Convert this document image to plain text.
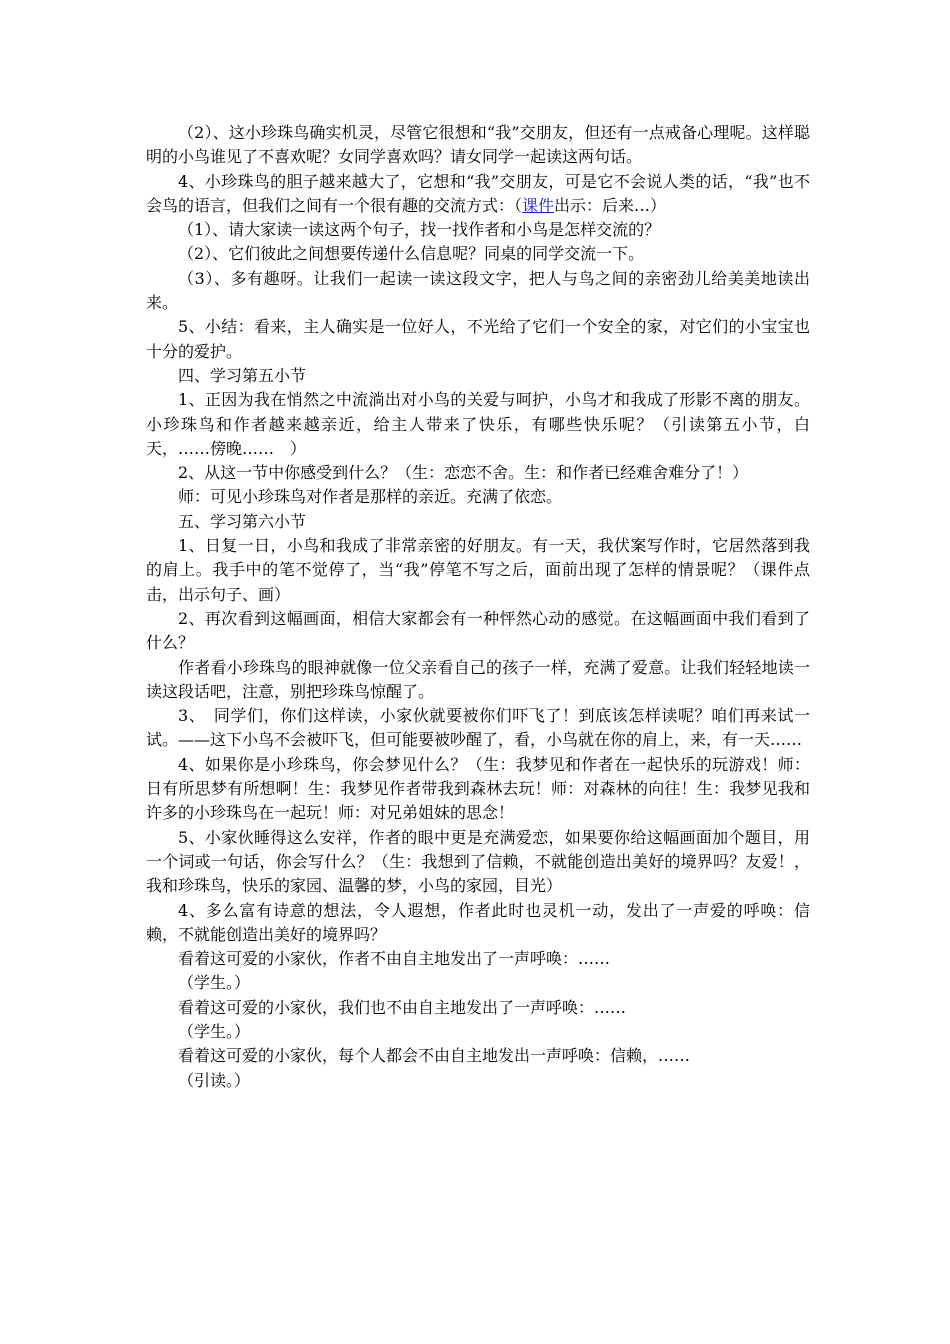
（2）、这小珍珠鸟确实机灵，尽管它很想和“我”交朋友，但还有一点戒备心理呢。这样聪明的小鸟谁见了不喜欢呢？女同学喜欢吗？请女同学一起读这两句话。

4、小珍珠鸟的胆子越来越大了，它想和“我”交朋友，可是它不会说人类的话，“我”也不会鸟的语言，但我们之间有一个很有趣的交流方式：（课件出示：后来…）

（1）、请大家读一读这两个句子，找一找作者和小鸟是怎样交流的？

（2）、它们彼此之间想要传递什么信息呢？同桌的同学交流一下。

（3）、多有趣呀。让我们一起读一读这段文字，把人与鸟之间的亲密劲儿给美美地读出来。

5、小结：看来，主人确实是一位好人，不光给了它们一个安全的家，对它们的小宝宝也十分的爱护。

四、学习第五小节

1、正因为我在悄然之中流淌出对小鸟的关爱与呵护，小鸟才和我成了形影不离的朋友。小珍珠鸟和作者越来越亲近，给主人带来了快乐，有哪些快乐呢？（引读第五小节，白天，……傍晚……　）

2、从这一节中你感受到什么？（生：恋恋不舍。生：和作者已经难舍难分了！）

师：可见小珍珠鸟对作者是那样的亲近。充满了依恋。

五、学习第六小节

1、日复一日，小鸟和我成了非常亲密的好朋友。有一天，我伏案写作时，它居然落到我的肩上。我手中的笔不觉停了，当“我”停笔不写之后，面前出现了怎样的情景呢？（课件点击，出示句子、画）

2、再次看到这幅画面，相信大家都会有一种怦然心动的感觉。在这幅画面中我们看到了什么？

作者看小珍珠鸟的眼神就像一位父亲看自己的孩子一样，充满了爱意。让我们轻轻地读一读这段话吧，注意，别把珍珠鸟惊醒了。

3、　同学们，你们这样读，小家伙就要被你们吓飞了！到底该怎样读呢？咱们再来试一试。——这下小鸟不会被吓飞，但可能要被吵醒了，看，小鸟就在你的肩上，来，有一天……

4、如果你是小珍珠鸟，你会梦见什么？（生：我梦见和作者在一起快乐的玩游戏！师：日有所思梦有所想啊！生：我梦见作者带我到森林去玩！师：对森林的向往！生：我梦见我和许多的小珍珠鸟在一起玩！师：对兄弟姐妹的思念！

5、小家伙睡得这么安祥，作者的眼中更是充满爱恋，如果要你给这幅画面加个题目，用一个词或一句话，你会写什么？（生：我想到了信赖，不就能创造出美好的境界吗？友爱！，我和珍珠鸟，快乐的家园、温馨的梦，小鸟的家园，目光）

4、多么富有诗意的想法，令人遐想，作者此时也灵机一动，发出了一声爱的呼唤：信赖，不就能创造出美好的境界吗？

看着这可爱的小家伙，作者不由自主地发出了一声呼唤：……

（学生。）

看着这可爱的小家伙，我们也不由自主地发出了一声呼唤：……

（学生。）

看着这可爱的小家伙，每个人都会不由自主地发出一声呼唤：信赖，……

（引读。）
